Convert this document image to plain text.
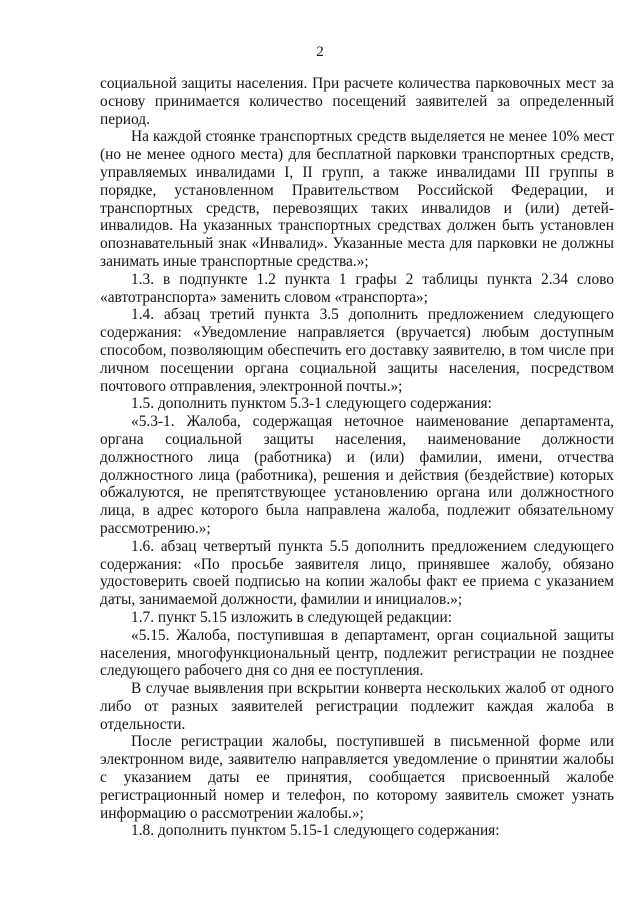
2

социальной защиты населения. При расчете количества парковочных мест за основу принимается количество посещений заявителей за определенный период.

На каждой стоянке транспортных средств выделяется не менее 10% мест (но не менее одного места) для бесплатной парковки транспортных средств, управляемых инвалидами I, II групп, а также инвалидами III группы в порядке, установленном Правительством Российской Федерации, и транспортных средств, перевозящих таких инвалидов и (или) детей-инвалидов. На указанных транспортных средствах должен быть установлен опознавательный знак «Инвалид». Указанные места для парковки не должны занимать иные транспортные средства.»;

1.3. в подпункте 1.2 пункта 1 графы 2 таблицы пункта 2.34 слово «автотранспорта» заменить словом «транспорта»;

1.4. абзац третий пункта 3.5 дополнить предложением следующего содержания: «Уведомление направляется (вручается) любым доступным способом, позволяющим обеспечить его доставку заявителю, в том числе при личном посещении органа социальной защиты населения, посредством почтового отправления, электронной почты.»;

1.5. дополнить пунктом 5.3-1 следующего содержания:

«5.3-1. Жалоба, содержащая неточное наименование департамента, органа социальной защиты населения, наименование должности должностного лица (работника) и (или) фамилии, имени, отчества должностного лица (работника), решения и действия (бездействие) которых обжалуются, не препятствующее установлению органа или должностного лица, в адрес которого была направлена жалоба, подлежит обязательному рассмотрению.»;

1.6. абзац четвертый пункта 5.5 дополнить предложением следующего содержания: «По просьбе заявителя лицо, принявшее жалобу, обязано удостоверить своей подписью на копии жалобы факт ее приема с указанием даты, занимаемой должности, фамилии и инициалов.»;

1.7. пункт 5.15 изложить в следующей редакции:

«5.15. Жалоба, поступившая в департамент, орган социальной защиты населения, многофункциональный центр, подлежит регистрации не позднее следующего рабочего дня со дня ее поступления.

В случае выявления при вскрытии конверта нескольких жалоб от одного либо от разных заявителей регистрации подлежит каждая жалоба в отдельности.

После регистрации жалобы, поступившей в письменной форме или электронном виде, заявителю направляется уведомление о принятии жалобы с указанием даты ее принятия, сообщается присвоенный жалобе регистрационный номер и телефон, по которому заявитель сможет узнать информацию о рассмотрении жалобы.»;

1.8. дополнить пунктом 5.15-1 следующего содержания:
